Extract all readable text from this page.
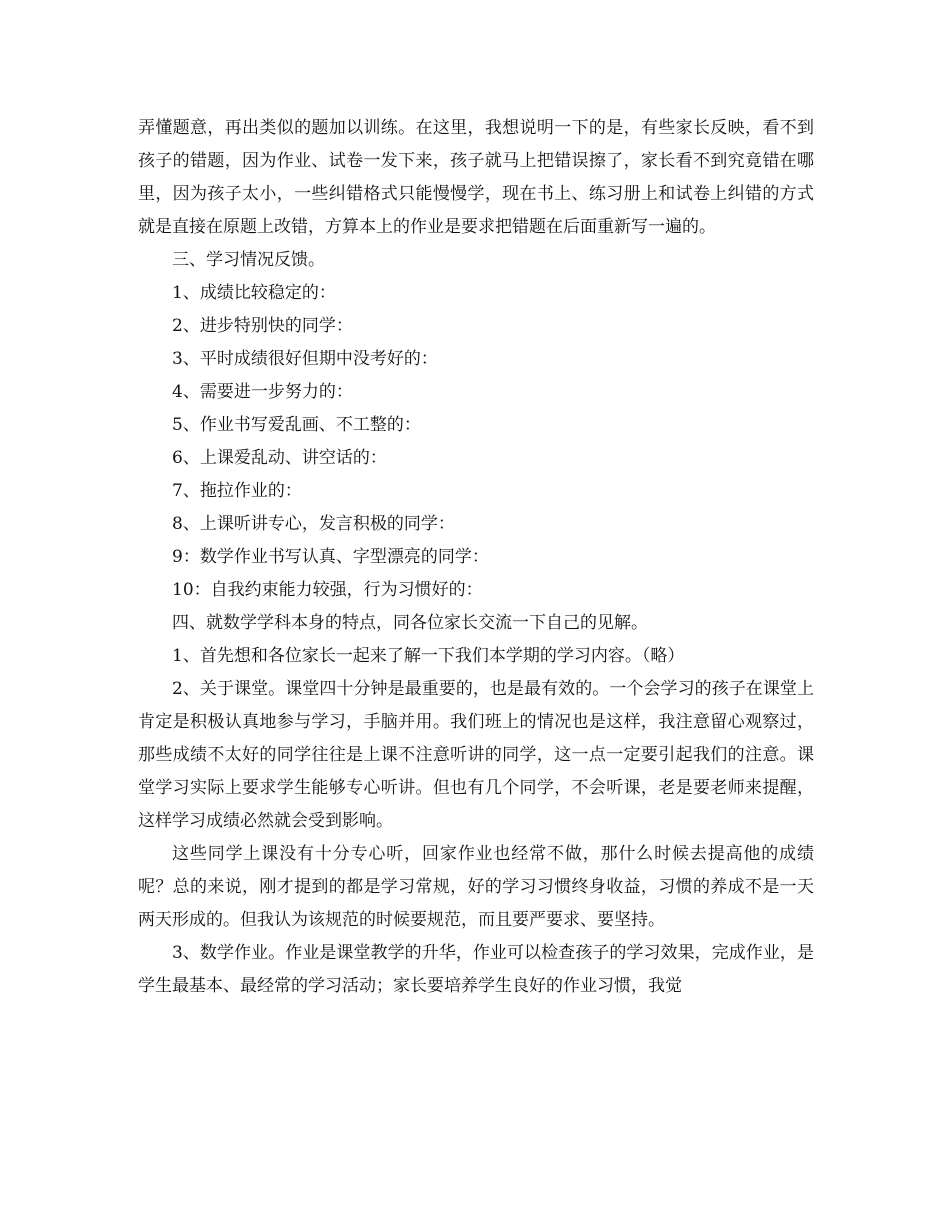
弄懂题意，再出类似的题加以训练。在这里，我想说明一下的是，有些家长反映，看不到孩子的错题，因为作业、试卷一发下来，孩子就马上把错误擦了，家长看不到究竟错在哪里，因为孩子太小，一些纠错格式只能慢慢学，现在书上、练习册上和试卷上纠错的方式就是直接在原题上改错，方算本上的作业是要求把错题在后面重新写一遍的。

三、学习情况反馈。

1、成绩比较稳定的：

2、进步特别快的同学：

3、平时成绩很好但期中没考好的：

4、需要进一步努力的：

5、作业书写爱乱画、不工整的：

6、上课爱乱动、讲空话的：

7、拖拉作业的：

8、上课听讲专心，发言积极的同学：

9：数学作业书写认真、字型漂亮的同学：

10：自我约束能力较强，行为习惯好的：

四、就数学学科本身的特点，同各位家长交流一下自己的见解。

1、首先想和各位家长一起来了解一下我们本学期的学习内容。（略）

2、关于课堂。课堂四十分钟是最重要的，也是最有效的。一个会学习的孩子在课堂上肯定是积极认真地参与学习，手脑并用。我们班上的情况也是这样，我注意留心观察过，那些成绩不太好的同学往往是上课不注意听讲的同学，这一点一定要引起我们的注意。课堂学习实际上要求学生能够专心听讲。但也有几个同学，不会听课，老是要老师来提醒，这样学习成绩必然就会受到影响。

这些同学上课没有十分专心听，回家作业也经常不做，那什么时候去提高他的成绩呢？总的来说，刚才提到的都是学习常规，好的学习习惯终身收益，习惯的养成不是一天两天形成的。但我认为该规范的时候要规范，而且要严要求、要坚持。

3、数学作业。作业是课堂教学的升华，作业可以检查孩子的学习效果，完成作业，是学生最基本、最经常的学习活动；家长要培养学生良好的作业习惯，我觉
